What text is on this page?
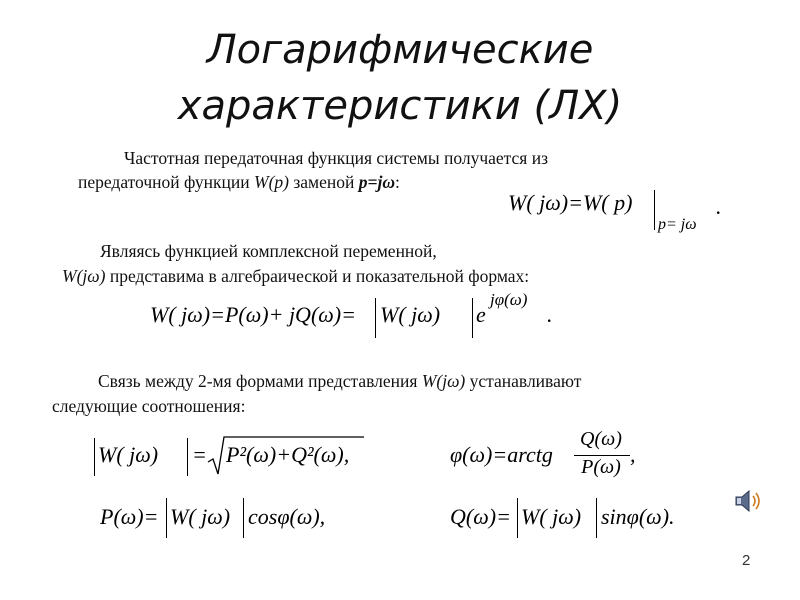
Логарифмические
характеристики (ЛХ)
Частотная передаточная функция системы получается из
передаточной функции W(p) заменой p=jω:
W( jω)=W( p)
p= jω
.
Являясь функцией комплексной переменной,
W(jω) представима в алгебраической и показательной формах:
W( jω)=P(ω)+ jQ(ω)= W( jω) e
jφ(ω)
.
Связь между 2-мя формами представления W(jω) устанавливают
следующие соотношения:
W( jω) = P²(ω)+Q²(ω),	φ(ω)=arctg
Q(ω)
P(ω) ,
P(ω)= W( jω) cosφ(ω),	Q(ω)= W( jω) sinφ(ω).
2
